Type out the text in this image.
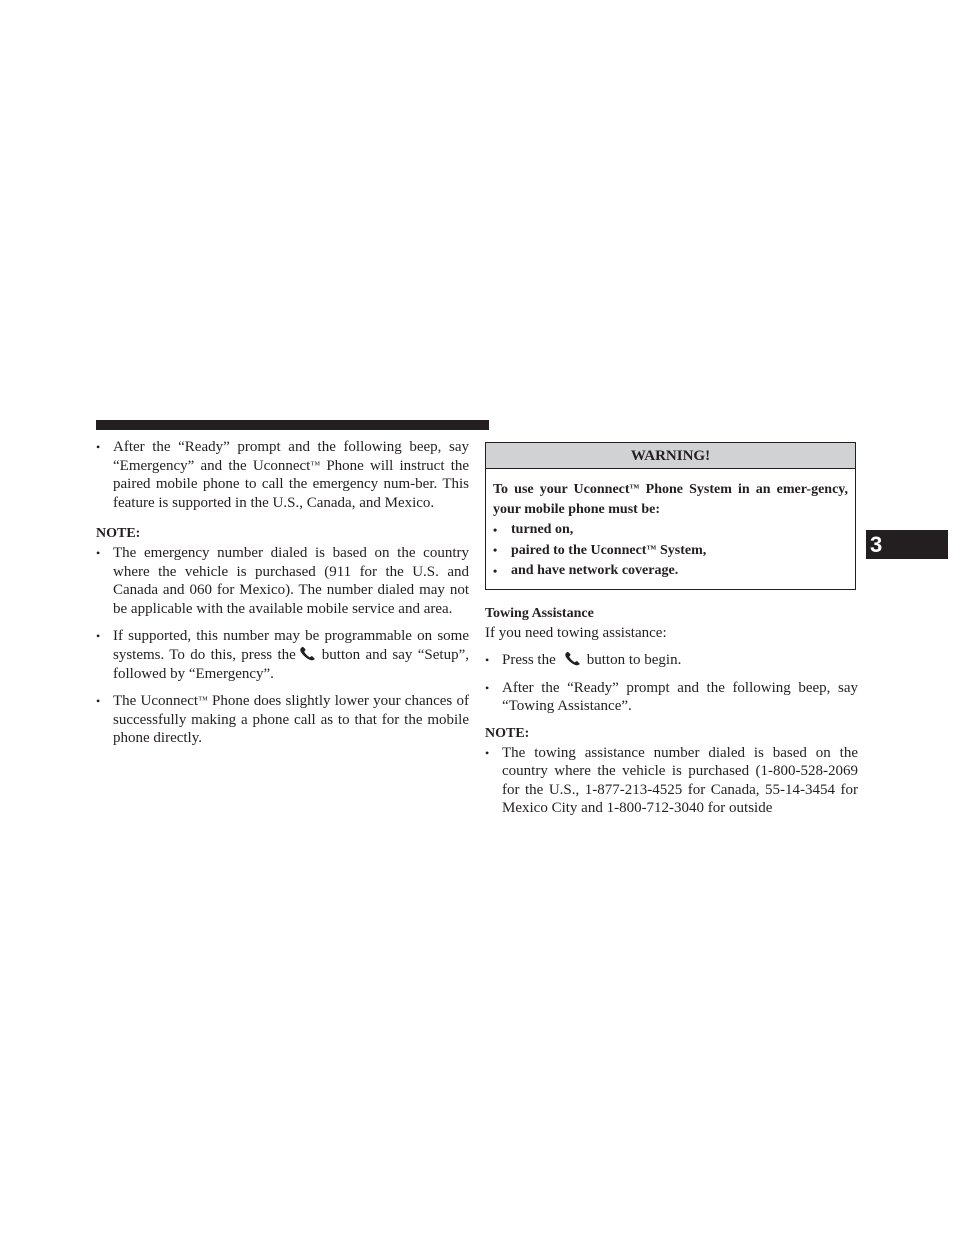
3
• After the “Ready” prompt and the following beep, say “Emergency” and the Uconnect™ Phone will instruct the paired mobile phone to call the emergency num-ber. This feature is supported in the U.S., Canada, and Mexico.
NOTE:
• The emergency number dialed is based on the country where the vehicle is purchased (911 for the U.S. and Canada and 060 for Mexico). The number dialed may not be applicable with the available mobile service and area.
• If supported, this number may be programmable on some systems. To do this, press the button and say “Setup”, followed by “Emergency”.
• The Uconnect™ Phone does slightly lower your chances of successfully making a phone call as to that for the mobile phone directly.
WARNING!
To use your Uconnect™ Phone System in an emer-gency, your mobile phone must be:
• turned on,
• paired to the Uconnect™ System,
• and have network coverage.
Towing Assistance
If you need towing assistance:
• Press the button to begin.
• After the “Ready” prompt and the following beep, say “Towing Assistance”.
NOTE:
• The towing assistance number dialed is based on the country where the vehicle is purchased (1-800-528-2069 for the U.S., 1-877-213-4525 for Canada, 55-14-3454 for Mexico City and 1-800-712-3040 for outside
